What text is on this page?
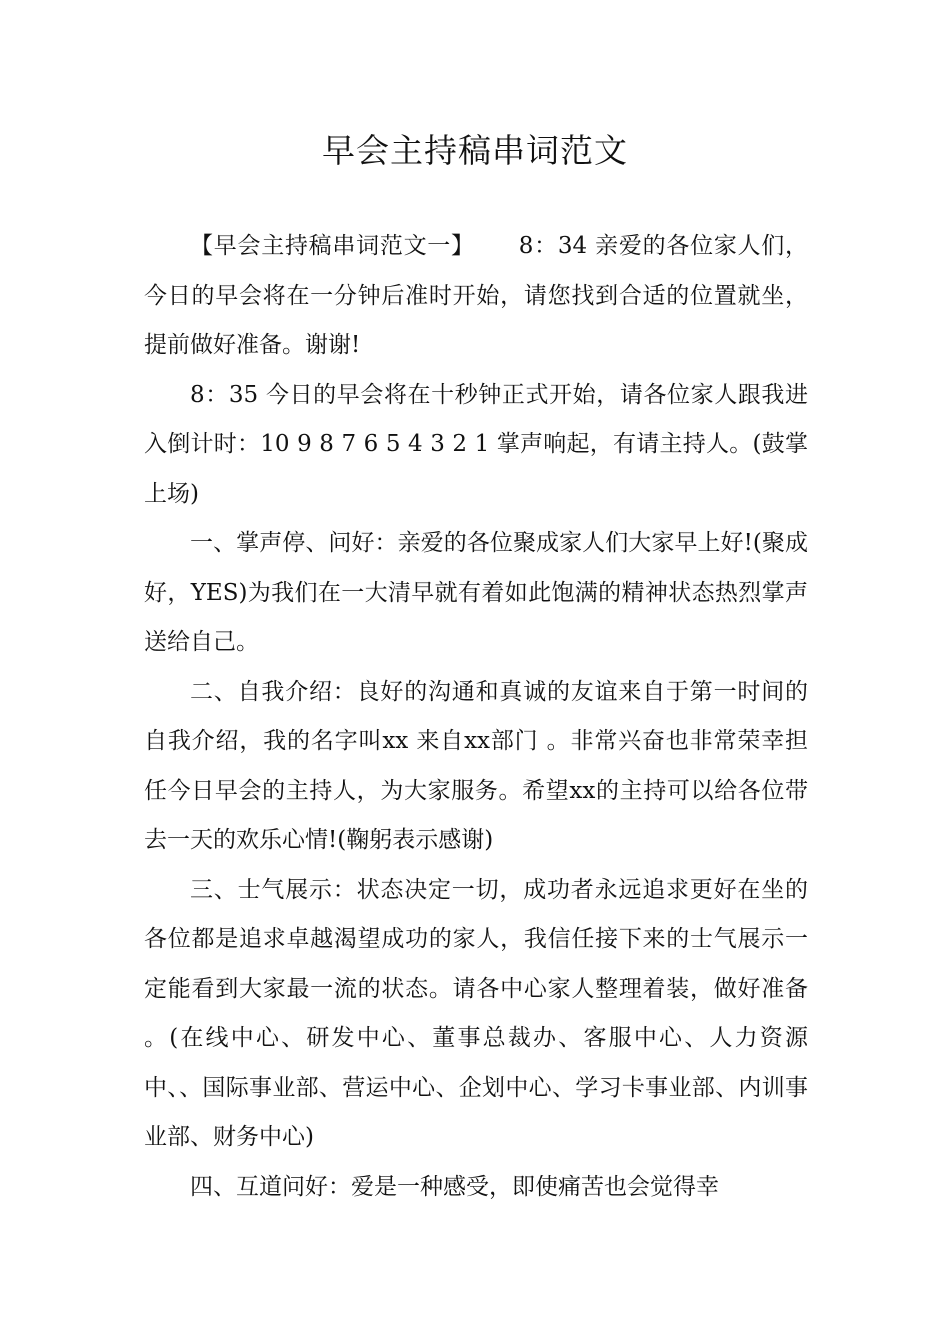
早会主持稿串词范文

【早会主持稿串词范文一】 8：34 亲爱的各位家人们，今日的早会将在一分钟后准时开始，请您找到合适的位置就坐，提前做好准备。谢谢!

8：35 今日的早会将在十秒钟正式开始，请各位家人跟我进入倒计时：10 9 8 7 6 5 4 3 2 1 掌声响起，有请主持人。(鼓掌上场)

一、掌声停、问好：亲爱的各位聚成家人们大家早上好!(聚成好，YES)为我们在一大清早就有着如此饱满的精神状态热烈掌声送给自己。

二、自我介绍：良好的沟通和真诚的友谊来自于第一时间的自我介绍，我的名字叫xx 来自xx部门 。非常兴奋也非常荣幸担任今日早会的主持人，为大家服务。希望xx的主持可以给各位带去一天的欢乐心情!(鞠躬表示感谢)

三、士气展示：状态决定一切，成功者永远追求更好在坐的各位都是追求卓越渴望成功的家人，我信任接下来的士气展示一定能看到大家最一流的状态。请各中心家人整理着装，做好准备 。(在线中心、研发中心、董事总裁办、客服中心、人力资源中、、国际事业部、营运中心、企划中心、学习卡事业部、内训事业部、财务中心)

四、互道问好：爱是一种感受，即使痛苦也会觉得幸
